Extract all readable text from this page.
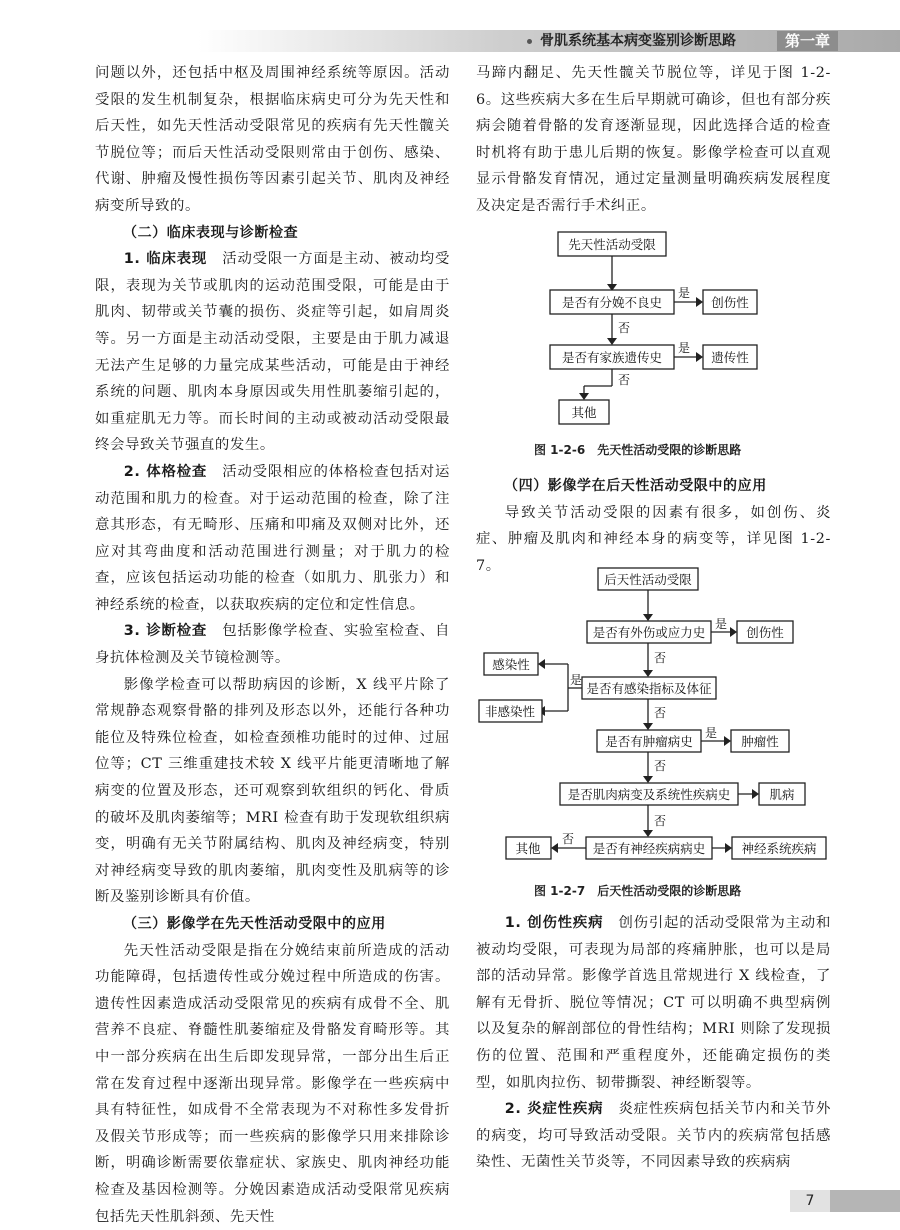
骨肌系统基本病变鉴别诊断思路	第一章

问题以外，还包括中枢及周围神经系统等原因。活动受限的发生机制复杂，根据临床病史可分为先天性和后天性，如先天性活动受限常见的疾病有先天性髋关节脱位等；而后天性活动受限则常由于创伤、感染、代谢、肿瘤及慢性损伤等因素引起关节、肌肉及神经病变所导致的。

（二）临床表现与诊断检查

1. 临床表现　 活动受限一方面是主动、被动均受限，表现为关节或肌肉的运动范围受限，可能是由于肌肉、韧带或关节囊的损伤、炎症等引起，如肩周炎等。另一方面是主动活动受限，主要是由于肌力减退无法产生足够的力量完成某些活动，可能是由于神经系统的问题、肌肉本身原因或失用性肌萎缩引起的，如重症肌无力等。而长时间的主动或被动活动受限最终会导致关节强直的发生。

2. 体格检查　 活动受限相应的体格检查包括对运动范围和肌力的检查。对于运动范围的检查，除了注意其形态，有无畸形、压痛和叩痛及双侧对比外，还应对其弯曲度和活动范围进行测量；对于肌力的检查，应该包括运动功能的检查（如肌力、肌张力）和神经系统的检查，以获取疾病的定位和定性信息。

3. 诊断检查　 包括影像学检查、实验室检查、自身抗体检测及关节镜检测等。

影像学检查可以帮助病因的诊断，X 线平片除了常规静态观察骨骼的排列及形态以外，还能行各种功能位及特殊位检查，如检查颈椎功能时的过伸、过屈位等；CT 三维重建技术较 X 线平片能更清晰地了解病变的位置及形态，还可观察到软组织的钙化、骨质的破坏及肌肉萎缩等；MRI 检查有助于发现软组织病变，明确有无关节附属结构、肌肉及神经病变，特别对神经病变导致的肌肉萎缩，肌肉变性及肌病等的诊断及鉴别诊断具有价值。

（三）影像学在先天性活动受限中的应用

先天性活动受限是指在分娩结束前所造成的活动功能障碍，包括遗传性或分娩过程中所造成的伤害。遗传性因素造成活动受限常见的疾病有成骨不全、肌营养不良症、脊髓性肌萎缩症及骨骼发育畸形等。其中一部分疾病在出生后即发现异常，一部分出生后正常在发育过程中逐渐出现异常。影像学在一些疾病中具有特征性，如成骨不全常表现为不对称性多发骨折及假关节形成等；而一些疾病的影像学只用来排除诊断，明确诊断需要依靠症状、家族史、肌肉神经功能检查及基因检测等。分娩因素造成活动受限常见疾病包括先天性肌斜颈、先天性

马蹄内翻足、先天性髋关节脱位等，详见于图 1-2-6。这些疾病大多在生后早期就可确诊，但也有部分疾病会随着骨骼的发育逐渐显现，因此选择合适的检查时机将有助于患儿后期的恢复。影像学检查可以直观显示骨骼发育情况，通过定量测量明确疾病发展程度及决定是否需行手术纠正。

先天性活动受限
是否有分娩不良史
是
创伤性
否
是否有家族遗传史
是
遗传性
否
其他
图 1-2-6　先天性活动受限的诊断思路

（四）影像学在后天性活动受限中的应用

导致关节活动受限的因素有很多，如创伤、炎症、肿瘤及肌肉和神经本身的病变等，详见图 1-2-7。

后天性活动受限
是否有外伤或应力史
是
创伤性
否
是否有感染指标及体征
是
感染性
非感染性	否
是否有肿瘤病史
是
肿瘤性
否
是否肌肉病变及系统性疾病史	肌病
否
是否有神经疾病病史	神经系统疾病
否
其他
图 1-2-7　后天性活动受限的诊断思路

1. 创伤性疾病　 创伤引起的活动受限常为主动和被动均受限，可表现为局部的疼痛肿胀，也可以是局部的活动异常。影像学首选且常规进行 X 线检查，了解有无骨折、脱位等情况；CT 可以明确不典型病例以及复杂的解剖部位的骨性结构；MRI 则除了发现损伤的位置、范围和严重程度外，还能确定损伤的类型，如肌肉拉伤、韧带撕裂、神经断裂等。

2. 炎症性疾病　 炎症性疾病包括关节内和关节外的病变，均可导致活动受限。关节内的疾病常包括感染性、无菌性关节炎等，不同因素导致的疾病病

7
